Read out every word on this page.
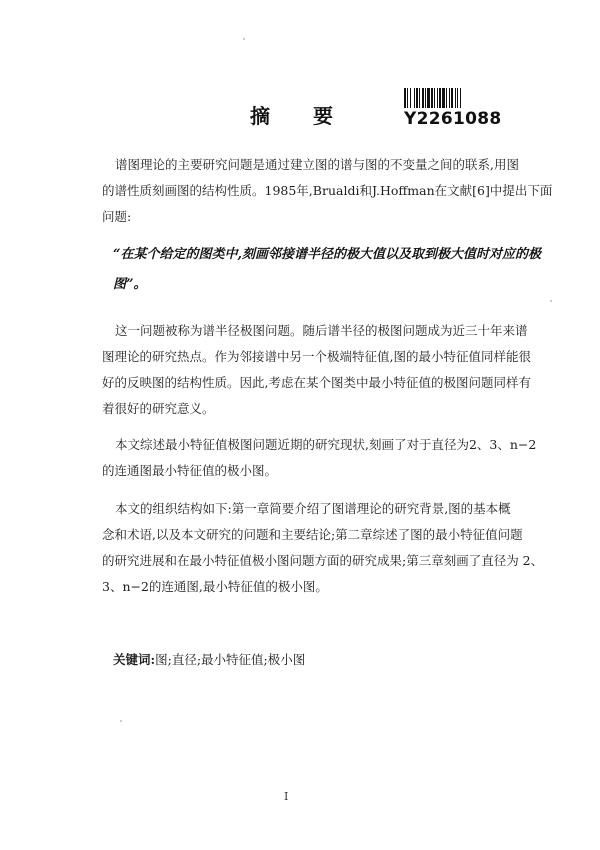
摘 要	Y2261088
谱图理论的主要研究问题是通过建立图的谱与图的不变量之间的联系,用图
的谱性质刻画图的结构性质。1985年,Brualdi和J.Hoffman在文献[6]中提出下面
问题:
“在某个给定的图类中,刻画邻接谱半径的极大值以及取到极大值时对应的极
图”。
这一问题被称为谱半径极图问题。随后谱半径的极图问题成为近三十年来谱
图理论的研究热点。作为邻接谱中另一个极端特征值,图的最小特征值同样能很
好的反映图的结构性质。因此,考虑在某个图类中最小特征值的极图问题同样有
着很好的研究意义。
本文综述最小特征值极图问题近期的研究现状,刻画了对于直径为2、3、n−2
的连通图最小特征值的极小图。
本文的组织结构如下:第一章简要介绍了图谱理论的研究背景,图的基本概
念和术语,以及本文研究的问题和主要结论;第二章综述了图的最小特征值问题
的研究进展和在最小特征值极小图问题方面的研究成果;第三章刻画了直径为 2、
3、n−2的连通图,最小特征值的极小图。
关键词:图;直径;最小特征值;极小图
I
